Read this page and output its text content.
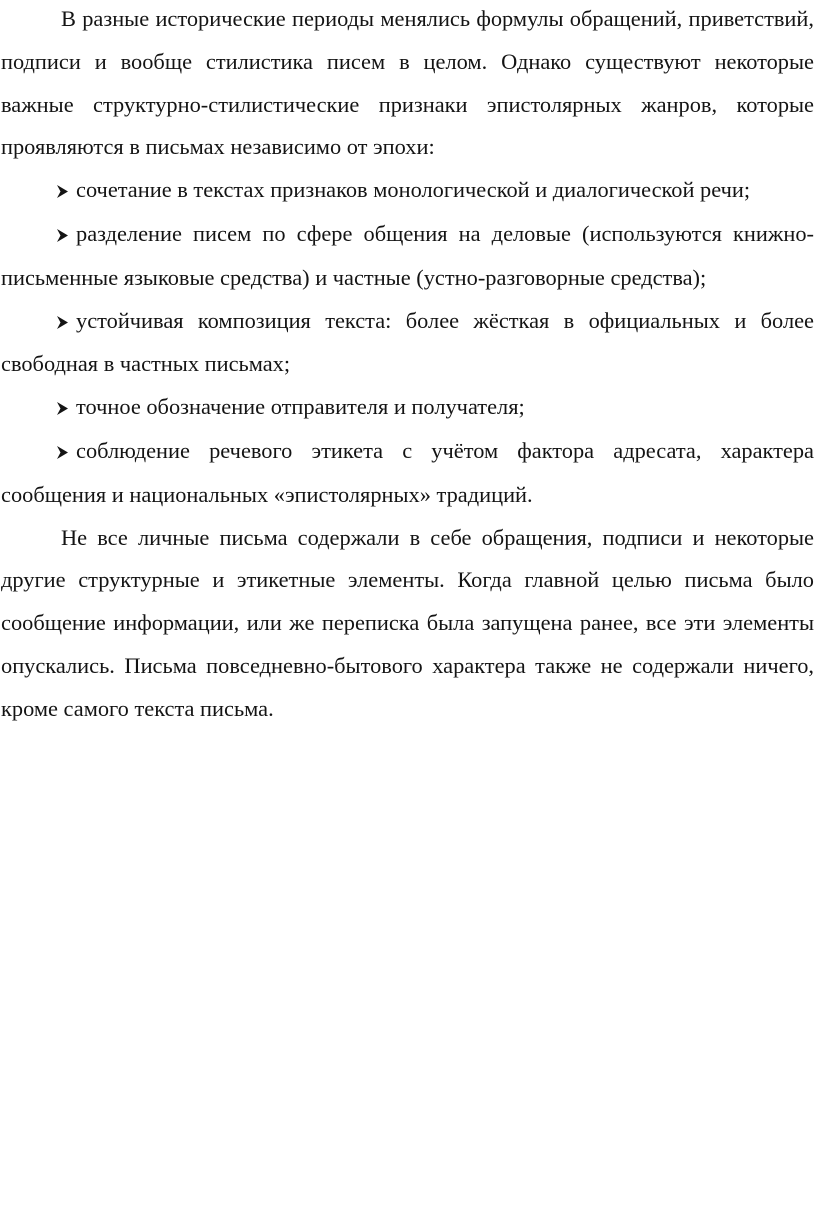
В разные исторические периоды менялись формулы обращений, приветствий, подписи и вообще стилистика писем в целом. Однако существуют некоторые важные структурно-стилистические признаки эпистолярных жанров, которые проявляются в письмах независимо от эпохи:

сочетание в текстах признаков монологической и диалогической речи;

разделение писем по сфере общения на деловые (используются книжно-письменные языковые средства) и частные (устно-разговорные средства);

устойчивая композиция текста: более жёсткая в официальных и более свободная в частных письмах;

точное обозначение отправителя и получателя;

соблюдение речевого этикета с учётом фактора адресата, характера сообщения и национальных «эпистолярных» традиций.

Не все личные письма содержали в себе обращения, подписи и некоторые другие структурные и этикетные элементы. Когда главной целью письма было сообщение информации, или же переписка была запущена ранее, все эти элементы опускались. Письма повседневно-бытового характера также не содержали ничего, кроме самого текста письма.
